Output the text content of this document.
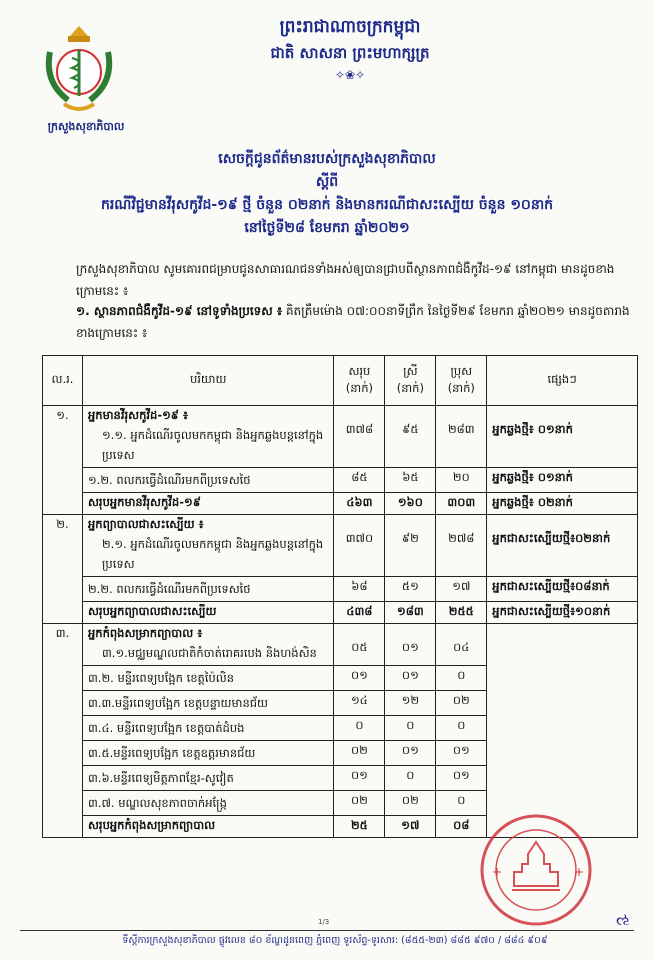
ក្រសួងសុខាភិបាល
ព្រះរាជាណាចក្រកម្ពុជា
ជាតិ សាសនា ព្រះមហាក្សត្រ
✧❀✧
សេចក្តីជូនព័ត៌មានរបស់ក្រសួងសុខាភិបាល
ស្តីពី
ករណីវិជ្ជមានវីរុសកូវីដ-១៩ ថ្មី ចំនួន ០២នាក់ និងមានករណីជាសះស្បើយ ចំនួន ១០នាក់
នៅថ្ងៃទី២៨ ខែមករា ឆ្នាំ២០២១
ក្រសួងសុខាភិបាល សូមគោរពជម្រាបជូនសាធារណជនទាំងអស់ឲ្យបានជ្រាបពីស្ថានភាពជំងឺកូវីដ-១៩ នៅកម្ពុជា មានដូចខាងក្រោមនេះ ៖
១. ស្ថានភាពជំងឺកូវីដ-១៩ នៅទូទាំងប្រទេស ៖ គិតត្រឹមម៉ោង ០៧:០០នាទីព្រឹក នៃថ្ងៃទី២៩ ខែមករា ឆ្នាំ២០២១ មានដូចតារាងខាងក្រោមនេះ ៖
ល.រ.	បរិយាយ	សរុប (នាក់)	ស្រី (នាក់)	ប្រុស (នាក់)	ផ្សេងៗ
១.	អ្នកមានវីរុសកូវីដ-១៩ ៖
១.១. អ្នកដំណើរចូលមកកម្ពុជា និងអ្នកឆ្លងបន្តនៅក្នុងប្រទេស	៣៧៨	៩៥	២៨៣	អ្នកឆ្លងថ្មី៖ ០១នាក់
	១.២. ពលករធ្វើដំណើរមកពីប្រទេសថៃ	៨៥	៦៥	២០	អ្នកឆ្លងថ្មី៖ ០១នាក់
	សរុបអ្នកមានវីរុសកូវីដ-១៩	៤៦៣	១៦០	៣០៣	អ្នកឆ្លងថ្មី៖ ០២នាក់
២.	អ្នកព្យាបាលជាសះស្បើយ ៖
២.១. អ្នកដំណើរចូលមកកម្ពុជា និងអ្នកឆ្លងបន្តនៅក្នុងប្រទេស	៣៧០	៩២	២៧៨	អ្នកជាសះស្បើយថ្មី៖០២នាក់
	២.២. ពលករធ្វើដំណើរមកពីប្រទេសថៃ	៦៨	៥១	១៧	អ្នកជាសះស្បើយថ្មី៖០៨នាក់
	សរុបអ្នកព្យាបាលជាសះស្បើយ	៤៣៨	១៨៣	២៥៥	អ្នកជាសះស្បើយថ្មី៖១០នាក់
៣.	អ្នកកំពុងសម្រាកព្យាបាល ៖
៣.១.មជ្ឈមណ្ឌលជាតិកំចាត់រោគរបេង និងហង់សិន	០៥	០១	០៤	
	៣.២. មន្ទីរពេទ្យបង្អែក ខេត្តប៉ៃលិន	០១	០១	០	
	៣.៣.មន្ទីរពេទ្យបង្អែក ខេត្តបន្ទាយមានជ័យ	១៤	១២	០២	
	៣.៤. មន្ទីរពេទ្យបង្អែក ខេត្តបាត់ដំបង	០	០	០	
	៣.៥.មន្ទីរពេទ្យបង្អែក ខេត្តឧត្តរមានជ័យ	០២	០១	០១	
	៣.៦.មន្ទីរពេទ្យមិត្តភាពខ្មែរ-សូវៀត	០១	០	០១	
	៣.៧. មណ្ឌលសុខភាពចាក់អង្រ្កែ	០២	០២	០	
	សរុបអ្នកកំពុងសម្រាកព្យាបាល	២៥	១៧	០៨	
+	+
1/3	ઌ
ទីស្តីការក្រសួងសុខាភិបាល ផ្លូវលេខ ៨០ ខ័ណ្ឌដូនពេញ ភ្នំពេញ ទូរស័ព្ទ-ទូរសារ: (៨៥៥-២៣) ៨៨៥ ៩៧០ / ៨៨៤ ៩០៩
